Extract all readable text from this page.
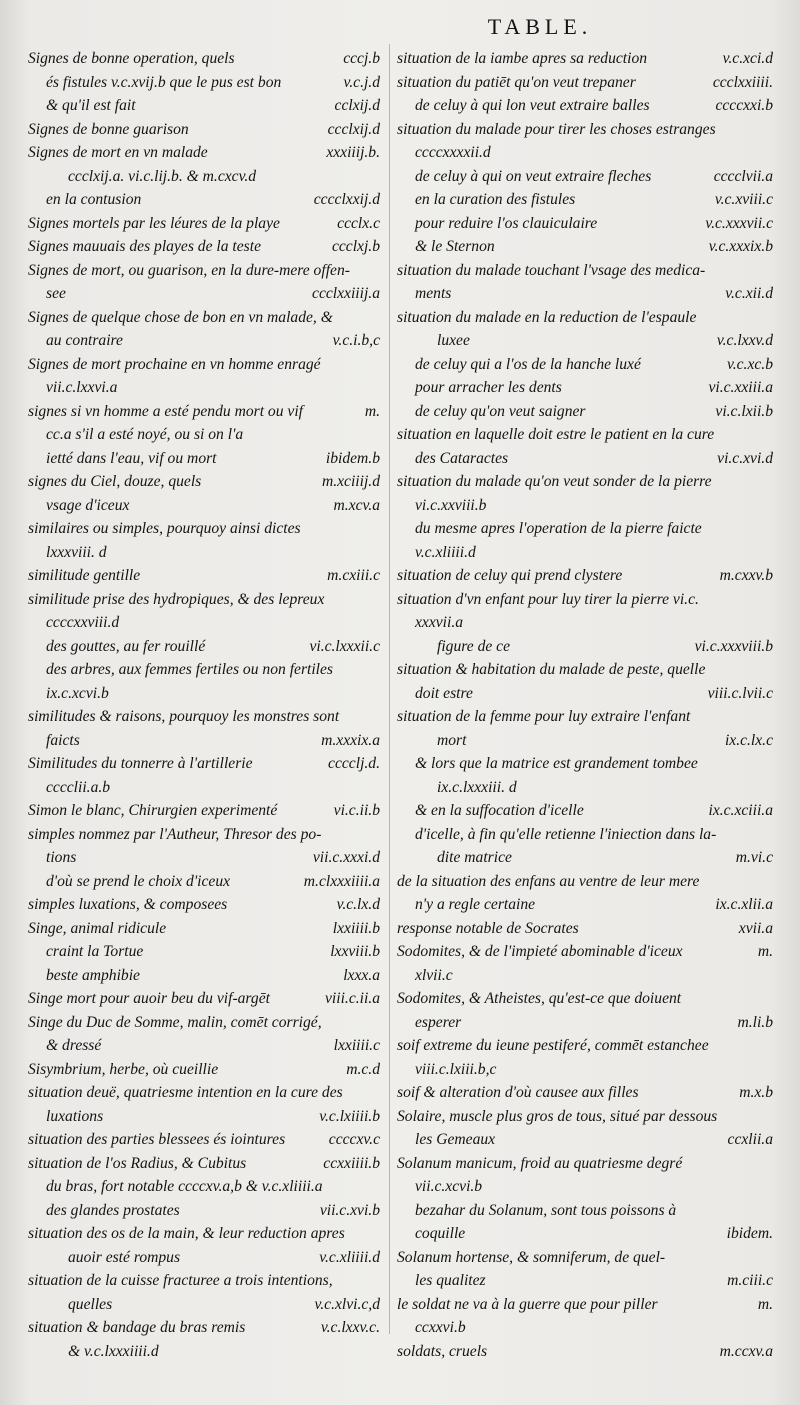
TABLE.
Signes de bonne operation, quels	cccj.b
és fistules v.c.xvij.b que le pus est bon	v.c.j.d
& qu'il est fait	cclxij.d
Signes de bonne guarison	ccclxij.d
Signes de mort en vn malade	xxxiiij.b.
ccclxij.a. vi.c.lij.b. & m.cxcv.d
en la contusion	cccclxxij.d
Signes mortels par les léures de la playe	ccclx.c
Signes mauuais des playes de la teste	ccclxj.b
Signes de mort, ou guarison, en la dure-mere offen-
see	ccclxxiiij.a
Signes de quelque chose de bon en vn malade, &
au contraire	v.c.i.b,c
Signes de mort prochaine en vn homme enragé
vii.c.lxxvi.a
signes si vn homme a esté pendu mort ou vif	m.
cc.a s'il a esté noyé, ou si on l'a
ietté dans l'eau, vif ou mort	ibidem.b
signes du Ciel, douze, quels	m.xciiij.d
vsage d'iceux	m.xcv.a
similaires ou simples, pourquoy ainsi dictes
lxxxviii. d
similitude gentille	m.cxiii.c
similitude prise des hydropiques, & des lepreux
ccccxxviii.d
des gouttes, au fer rouillé	vi.c.lxxxii.c
des arbres, aux femmes fertiles ou non fertiles
ix.c.xcvi.b
similitudes & raisons, pourquoy les monstres sont
faicts	m.xxxix.a
Similitudes du tonnerre à l'artillerie	cccclj.d.
cccclii.a.b
Simon le blanc, Chirurgien experimenté	vi.c.ii.b
simples nommez par l'Autheur, Thresor des po-
tions	vii.c.xxxi.d
d'où se prend le choix d'iceux	m.clxxxiiii.a
simples luxations, & composees	v.c.lx.d
Singe, animal ridicule	lxxiiii.b
craint la Tortue	lxxviii.b
beste amphibie	lxxx.a
Singe mort pour auoir beu du vif-argēt	viii.c.ii.a
Singe du Duc de Somme, malin, comēt corrigé,
& dressé	lxxiiii.c
Sisymbrium, herbe, où cueillie	m.c.d
situation deuë, quatriesme intention en la cure des
luxations	v.c.lxiiii.b
situation des parties blessees és iointures	ccccxv.c
situation de l'os Radius, & Cubitus	ccxxiiii.b
du bras, fort notable ccccxv.a,b & v.c.xliiii.a
des glandes prostates	vii.c.xvi.b
situation des os de la main, & leur reduction apres
auoir esté rompus	v.c.xliiii.d
situation de la cuisse fracturee a trois intentions,
quelles	v.c.xlvi.c,d
situation & bandage du bras remis	v.c.lxxv.c.
& v.c.lxxxiiii.d
situation de la iambe apres sa reduction	v.c.xci.d
situation du patiēt qu'on veut trepaner	ccclxxiiii.
de celuy à qui lon veut extraire balles	ccccxxi.b
situation du malade pour tirer les choses estranges
ccccxxxxii.d
de celuy à qui on veut extraire fleches	cccclvii.a
en la curation des fistules	v.c.xviii.c
pour reduire l'os clauiculaire	v.c.xxxvii.c
& le Sternon	v.c.xxxix.b
situation du malade touchant l'vsage des medica-
ments	v.c.xii.d
situation du malade en la reduction de l'espaule
luxee	v.c.lxxv.d
de celuy qui a l'os de la hanche luxé	v.c.xc.b
pour arracher les dents	vi.c.xxiii.a
de celuy qu'on veut saigner	vi.c.lxii.b
situation en laquelle doit estre le patient en la cure
des Cataractes	vi.c.xvi.d
situation du malade qu'on veut sonder de la pierre
vi.c.xxviii.b
du mesme apres l'operation de la pierre faicte
v.c.xliiii.d
situation de celuy qui prend clystere	m.cxxv.b
situation d'vn enfant pour luy tirer la pierre vi.c.
xxxvii.a
figure de ce	vi.c.xxxviii.b
situation & habitation du malade de peste, quelle
doit estre	viii.c.lvii.c
situation de la femme pour luy extraire l'enfant
mort	ix.c.lx.c
& lors que la matrice est grandement tombee
ix.c.lxxxiii. d
& en la suffocation d'icelle	ix.c.xciii.a
d'icelle, à fin qu'elle retienne l'iniection dans la-
dite matrice	m.vi.c
de la situation des enfans au ventre de leur mere
n'y a regle certaine	ix.c.xlii.a
response notable de Socrates	xvii.a
Sodomites, & de l'impieté abominable d'iceux	m.
xlvii.c
Sodomites, & Atheistes, qu'est-ce que doiuent
esperer	m.li.b
soif extreme du ieune pestiferé, commēt estanchee
viii.c.lxiii.b,c
soif & alteration d'où causee aux filles	m.x.b
Solaire, muscle plus gros de tous, situé par dessous
les Gemeaux	ccxlii.a
Solanum manicum, froid au quatriesme degré
vii.c.xcvi.b
bezahar du Solanum, sont tous poissons à
coquille	ibidem.
Solanum hortense, & somniferum, de quel-
les qualitez	m.ciii.c
le soldat ne va à la guerre que pour piller	m.
ccxxvi.b
soldats, cruels	m.ccxv.a
